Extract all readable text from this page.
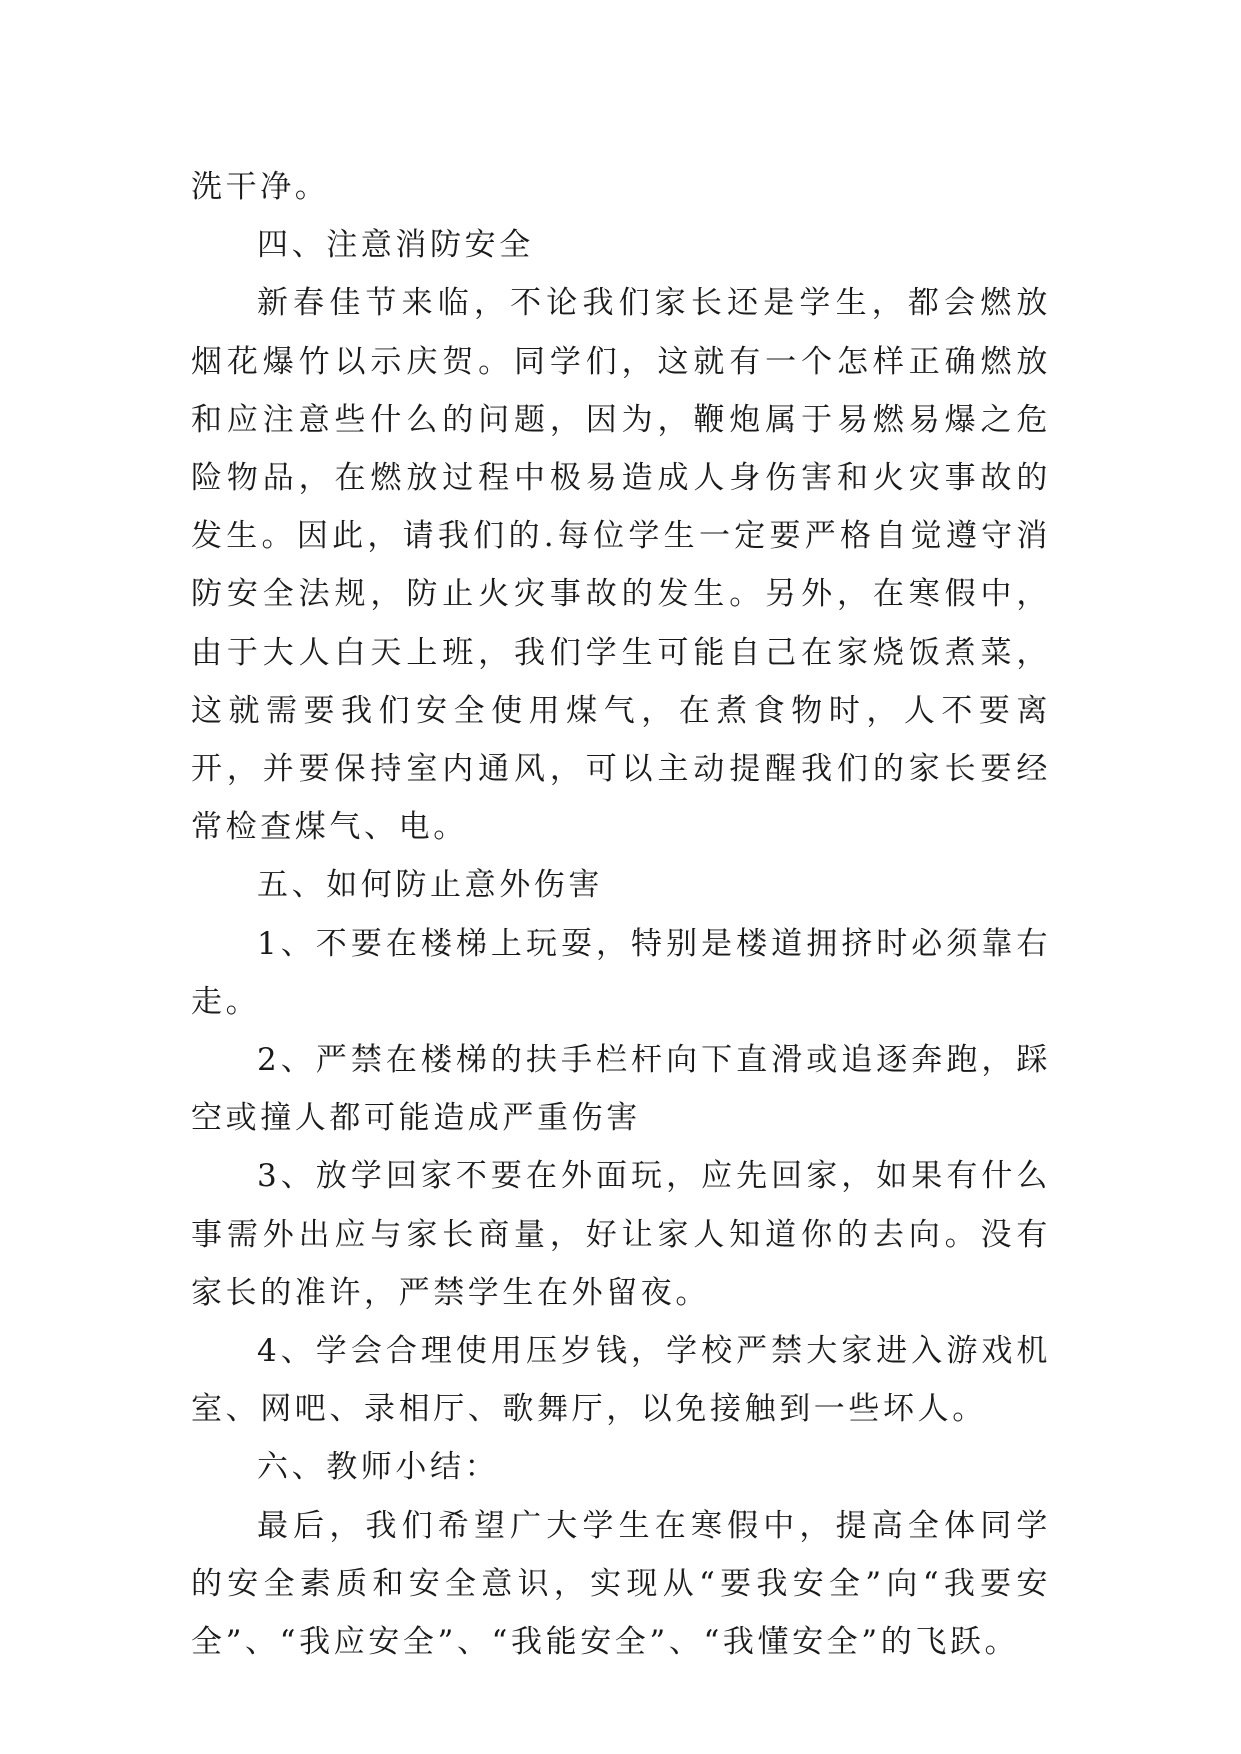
洗干净。

四、注意消防安全

新春佳节来临，不论我们家长还是学生，都会燃放烟花爆竹以示庆贺。同学们，这就有一个怎样正确燃放和应注意些什么的问题，因为，鞭炮属于易燃易爆之危险物品，在燃放过程中极易造成人身伤害和火灾事故的发生。因此，请我们的.每位学生一定要严格自觉遵守消防安全法规，防止火灾事故的发生。另外，在寒假中，由于大人白天上班，我们学生可能自己在家烧饭煮菜，这就需要我们安全使用煤气，在煮食物时，人不要离开，并要保持室内通风，可以主动提醒我们的家长要经常检查煤气、电。

五、如何防止意外伤害

1、不要在楼梯上玩耍，特别是楼道拥挤时必须靠右走。

2、严禁在楼梯的扶手栏杆向下直滑或追逐奔跑，踩空或撞人都可能造成严重伤害

3、放学回家不要在外面玩，应先回家，如果有什么事需外出应与家长商量，好让家人知道你的去向。没有家长的准许，严禁学生在外留夜。

4、学会合理使用压岁钱，学校严禁大家进入游戏机室、网吧、录相厅、歌舞厅，以免接触到一些坏人。

六、教师小结：

最后，我们希望广大学生在寒假中，提高全体同学的安全素质和安全意识，实现从“要我安全”向“我要安全”、“我应安全”、“我能安全”、“我懂安全”的飞跃。
